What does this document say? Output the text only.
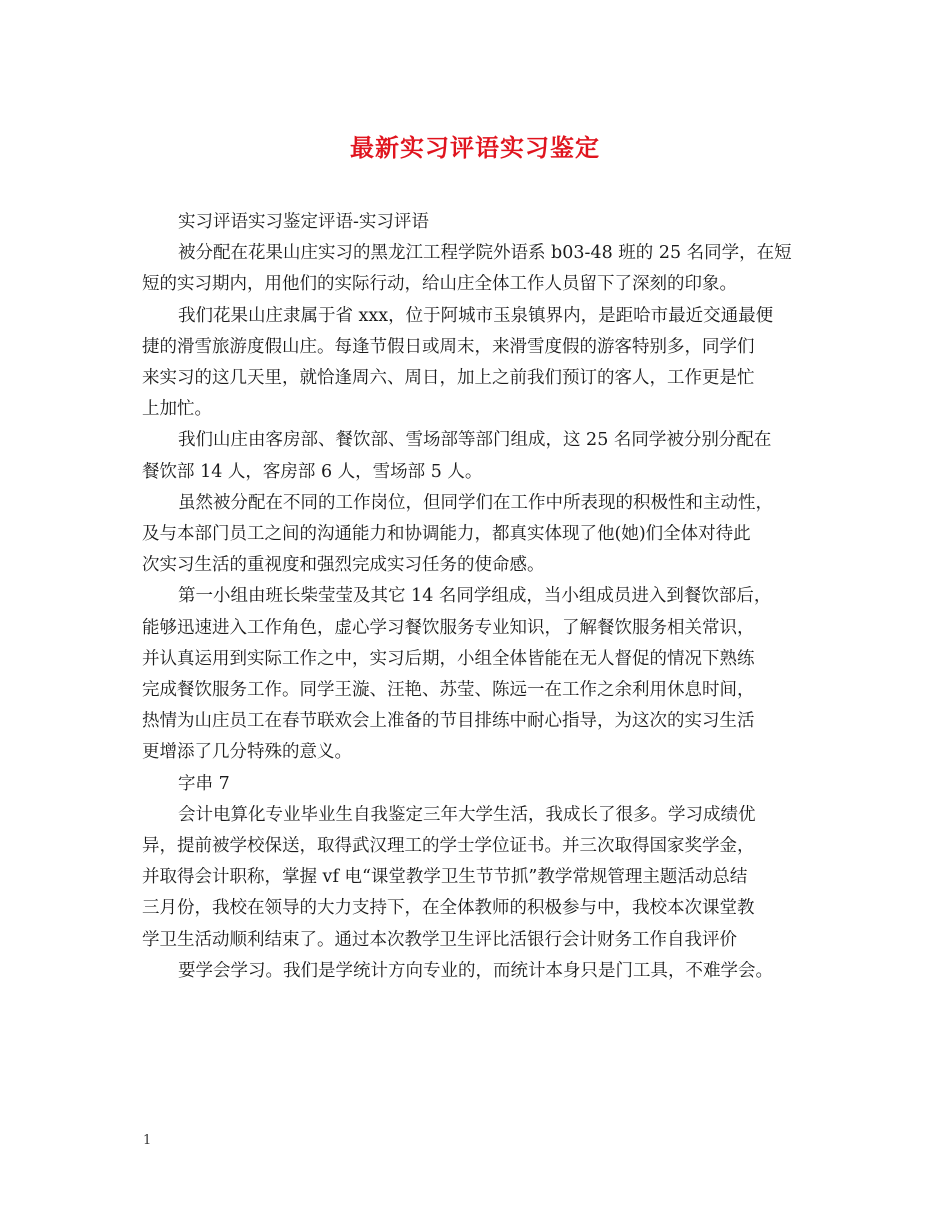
最新实习评语实习鉴定

实习评语实习鉴定评语-实习评语

被分配在花果山庄实习的黑龙江工程学院外语系 b03-48 班的 25 名同学，在短

短的实习期内，用他们的实际行动，给山庄全体工作人员留下了深刻的印象。

我们花果山庄隶属于省 xxx，位于阿城市玉泉镇界内，是距哈市最近交通最便

捷的滑雪旅游度假山庄。每逢节假日或周末，来滑雪度假的游客特别多，同学们

来实习的这几天里，就恰逢周六、周日，加上之前我们预订的客人，工作更是忙

上加忙。

我们山庄由客房部、餐饮部、雪场部等部门组成，这 25 名同学被分别分配在

餐饮部 14 人，客房部 6 人，雪场部 5 人。

虽然被分配在不同的工作岗位，但同学们在工作中所表现的积极性和主动性，

及与本部门员工之间的沟通能力和协调能力，都真实体现了他(她)们全体对待此

次实习生活的重视度和强烈完成实习任务的使命感。

第一小组由班长柴莹莹及其它 14 名同学组成，当小组成员进入到餐饮部后，

能够迅速进入工作角色，虚心学习餐饮服务专业知识，了解餐饮服务相关常识，

并认真运用到实际工作之中，实习后期，小组全体皆能在无人督促的情况下熟练

完成餐饮服务工作。同学王漩、汪艳、苏莹、陈远一在工作之余利用休息时间，

热情为山庄员工在春节联欢会上准备的节目排练中耐心指导，为这次的实习生活

更增添了几分特殊的意义。

字串 7

会计电算化专业毕业生自我鉴定三年大学生活，我成长了很多。学习成绩优

异，提前被学校保送，取得武汉理工的学士学位证书。并三次取得国家奖学金，

并取得会计职称，掌握 vf 电“课堂教学卫生节节抓”教学常规管理主题活动总结

三月份，我校在领导的大力支持下，在全体教师的积极参与中，我校本次课堂教

学卫生活动顺利结束了。通过本次教学卫生评比活银行会计财务工作自我评价

要学会学习。我们是学统计方向专业的，而统计本身只是门工具，不难学会。

1
